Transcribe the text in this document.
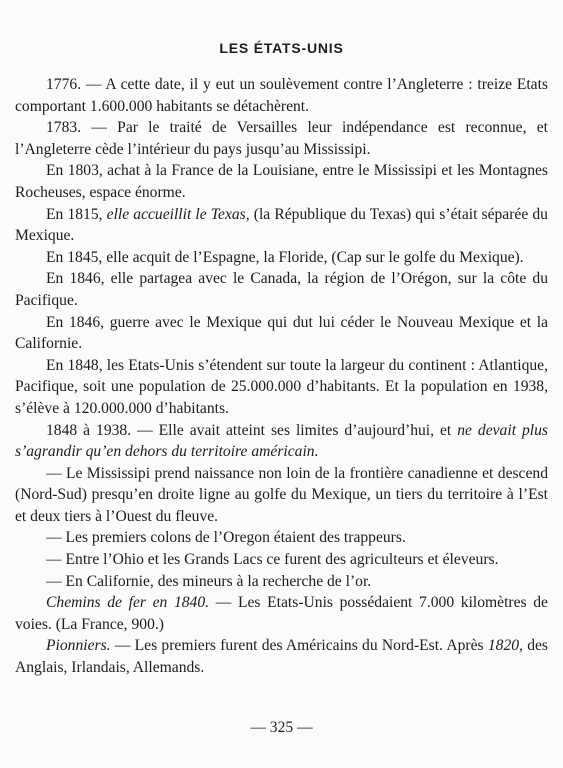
LES ÉTATS-UNIS

1776. — A cette date, il y eut un soulèvement contre l’Angleterre : treize Etats comportant 1.600.000 habitants se détachèrent.

1783. — Par le traité de Versailles leur indépendance est reconnue, et l’Angleterre cède l’intérieur du pays jusqu’au Mississipi.

En 1803, achat à la France de la Louisiane, entre le Mississipi et les Montagnes Rocheuses, espace énorme.

En 1815, elle accueillit le Texas, (la République du Texas) qui s’était séparée du Mexique.

En 1845, elle acquit de l’Espagne, la Floride, (Cap sur le golfe du Mexique).

En 1846, elle partagea avec le Canada, la région de l’Orégon, sur la côte du Pacifique.

En 1846, guerre avec le Mexique qui dut lui céder le Nouveau Mexique et la Californie.

En 1848, les Etats-Unis s’étendent sur toute la largeur du continent : Atlantique, Pacifique, soit une population de 25.000.000 d’habitants. Et la population en 1938, s’élève à 120.000.000 d’habitants.

1848 à 1938. — Elle avait atteint ses limites d’aujourd’hui, et ne devait plus s’agrandir qu’en dehors du territoire américain.

— Le Mississipi prend naissance non loin de la frontière canadienne et descend (Nord-Sud) presqu’en droite ligne au golfe du Mexique, un tiers du territoire à l’Est et deux tiers à l’Ouest du fleuve.

— Les premiers colons de l’Oregon étaient des trappeurs.

— Entre l’Ohio et les Grands Lacs ce furent des agriculteurs et éleveurs.

— En Californie, des mineurs à la recherche de l’or.

Chemins de fer en 1840. — Les Etats-Unis possédaient 7.000 kilomètres de voies. (La France, 900.)

Pionniers. — Les premiers furent des Américains du Nord-Est. Après 1820, des Anglais, Irlandais, Allemands.

— 325 —
